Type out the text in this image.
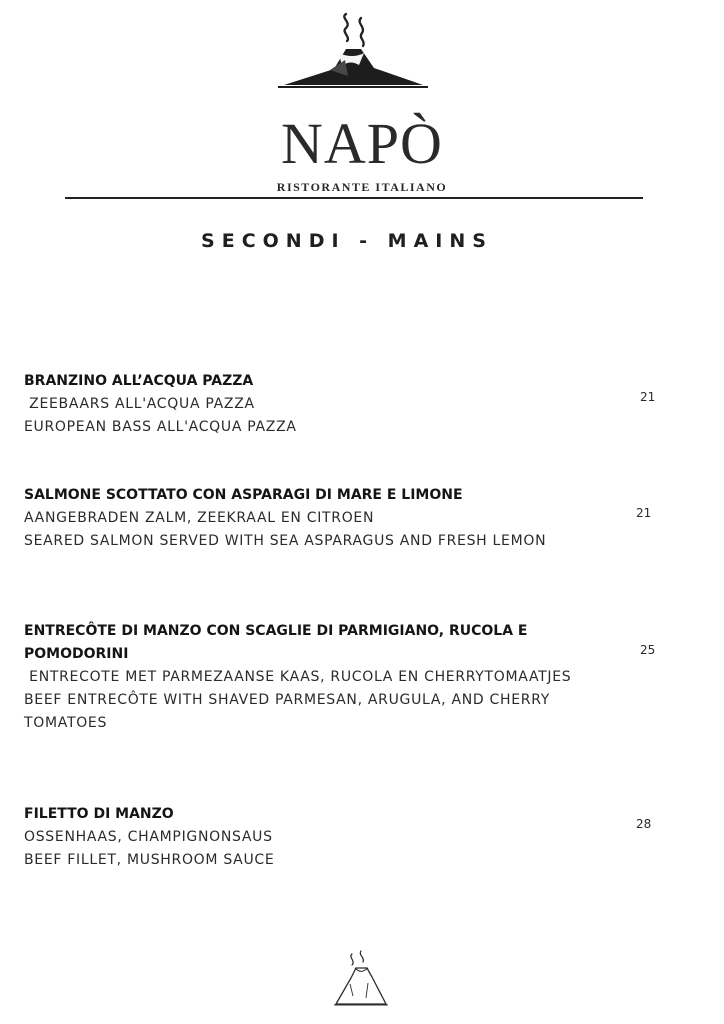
NAPÒ
RISTORANTE ITALIANO
SECONDI - MAINS
BRANZINO ALL’ACQUA PAZZA
ZEEBAARS ALL'ACQUA PAZZA
EUROPEAN BASS ALL'ACQUA PAZZA
21
SALMONE SCOTTATO CON ASPARAGI DI MARE E LIMONE
AANGEBRADEN ZALM, ZEEKRAAL EN CITROEN
SEARED SALMON SERVED WITH SEA ASPARAGUS AND FRESH LEMON
21
ENTRECÔTE DI MANZO CON SCAGLIE DI PARMIGIANO, RUCOLA E POMODORINI
ENTRECOTE MET PARMEZAANSE KAAS, RUCOLA EN CHERRYTOMAATJES
BEEF ENTRECÔTE WITH SHAVED PARMESAN, ARUGULA, AND CHERRY TOMATOES
25
FILETTO DI MANZO
OSSENHAAS, CHAMPIGNONSAUS
BEEF FILLET, MUSHROOM SAUCE
28
